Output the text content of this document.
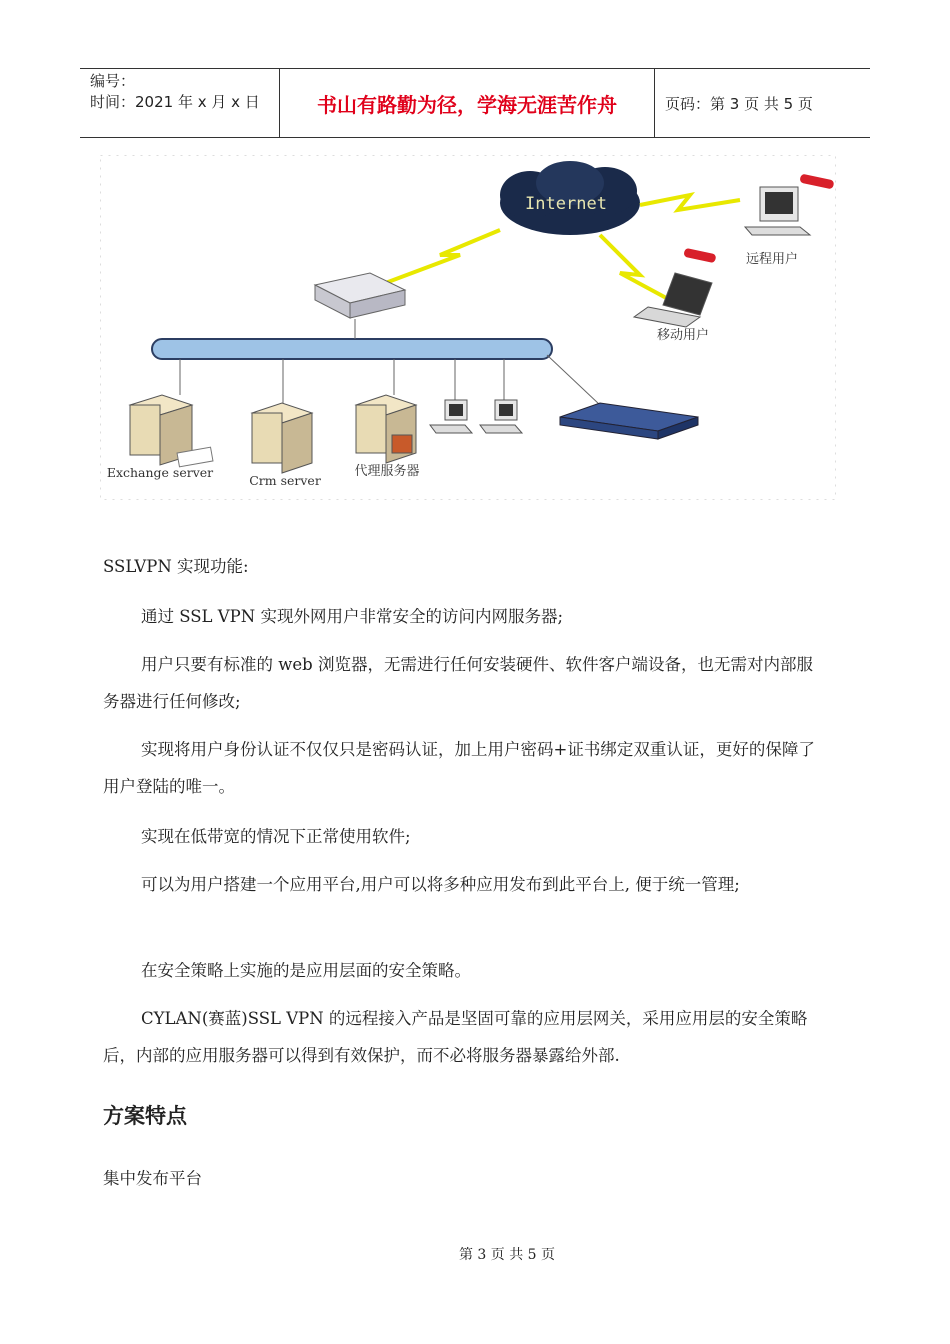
编号：
时间：2021 年 x 月 x 日	书山有路勤为径，学海无涯苦作舟	页码：第 3 页 共 5 页
Internet
远程用户
移动用户
Exchange server
Crm server
代理服务器
SSLVPN 实现功能:
通过 SSL VPN 实现外网用户非常安全的访问内网服务器;
用户只要有标准的 web 浏览器，无需进行任何安装硬件、软件客户端设备，也无需对内部服务器进行任何修改;
实现将用户身份认证不仅仅只是密码认证，加上用户密码+证书绑定双重认证，更好的保障了用户登陆的唯一。
实现在低带宽的情况下正常使用软件;
可以为用户搭建一个应用平台,用户可以将多种应用发布到此平台上, 便于统一管理;
在安全策略上实施的是应用层面的安全策略。
CYLAN(赛蓝)SSL VPN 的远程接入产品是坚固可靠的应用层网关，采用应用层的安全策略后，内部的应用服务器可以得到有效保护，而不必将服务器暴露给外部.
方案特点
集中发布平台
第 3 页 共 5 页
